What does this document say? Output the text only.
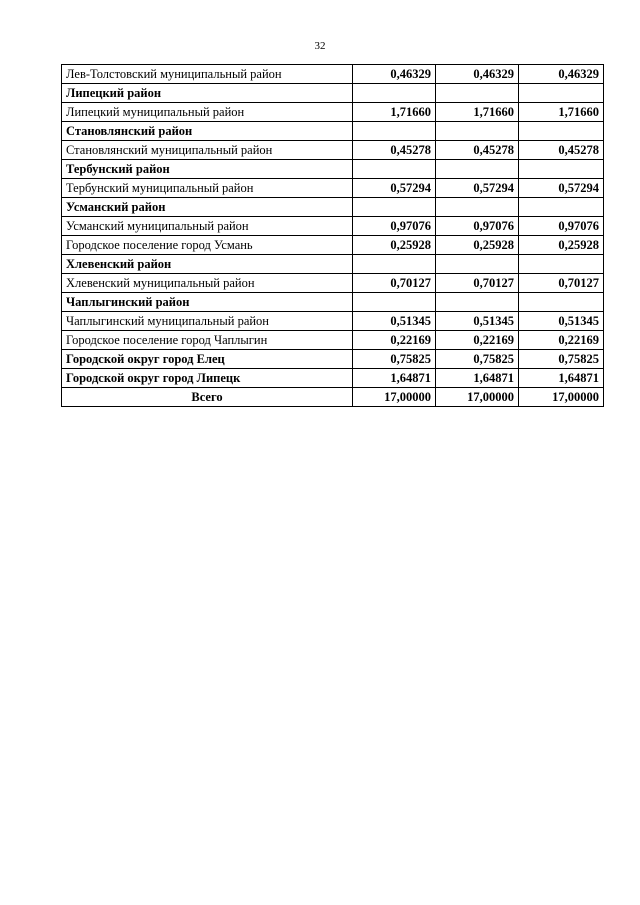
32
Лев-Толстовский муниципальный район	0,46329	0,46329	0,46329
Липецкий район			
Липецкий муниципальный район	1,71660	1,71660	1,71660
Становлянский район			
Становлянский муниципальный район	0,45278	0,45278	0,45278
Тербунский район			
Тербунский муниципальный район	0,57294	0,57294	0,57294
Усманский район			
Усманский муниципальный район	0,97076	0,97076	0,97076
Городское поселение город Усмань	0,25928	0,25928	0,25928
Хлевенский район			
Хлевенский муниципальный район	0,70127	0,70127	0,70127
Чаплыгинский район			
Чаплыгинский муниципальный район	0,51345	0,51345	0,51345
Городское поселение город Чаплыгин	0,22169	0,22169	0,22169
Городской округ город Елец	0,75825	0,75825	0,75825
Городской округ город Липецк	1,64871	1,64871	1,64871
Всего	17,00000	17,00000	17,00000
